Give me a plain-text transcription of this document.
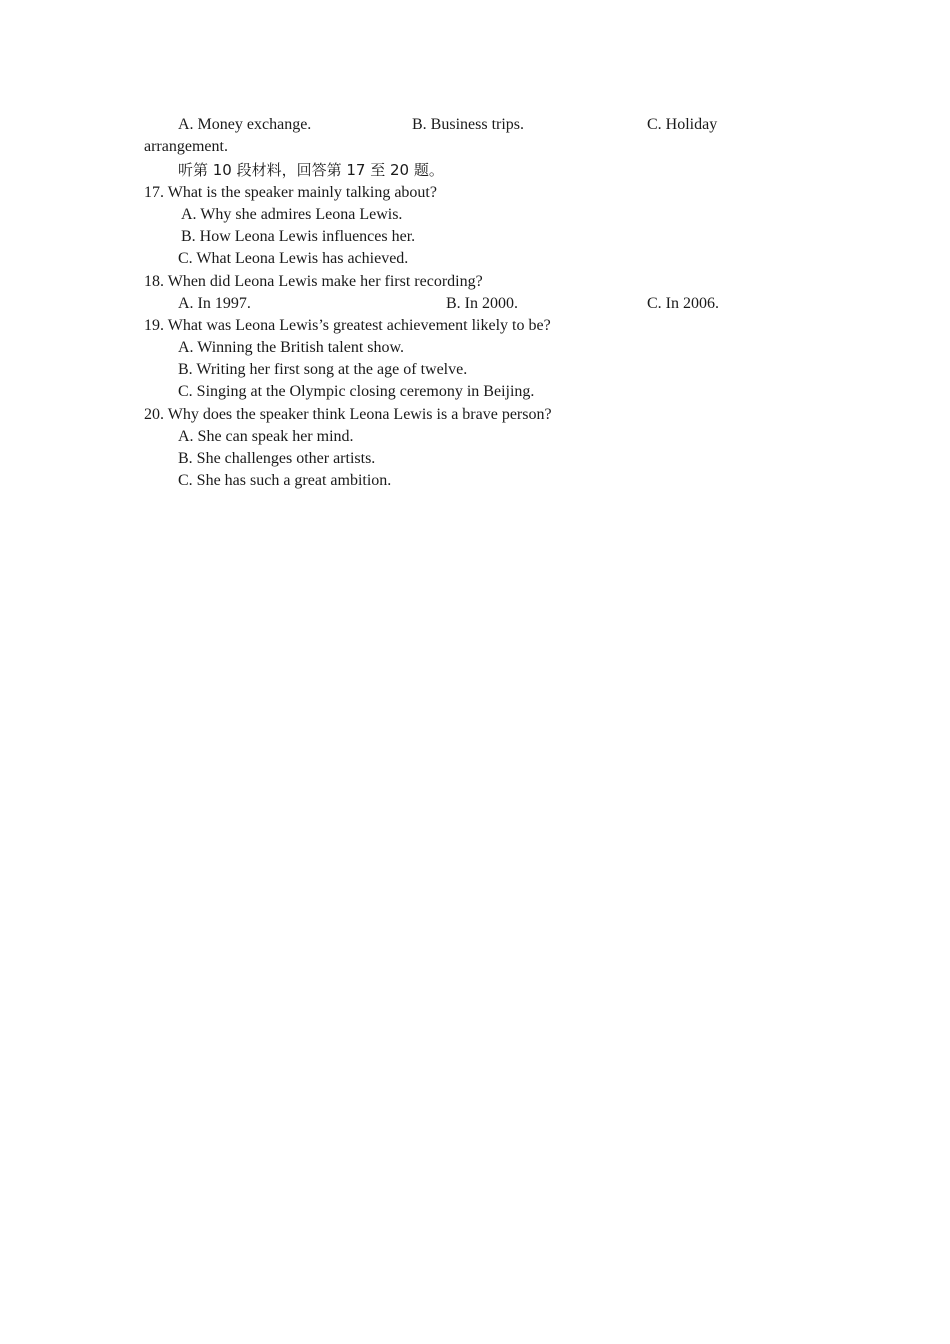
A. Money exchange.	B. Business trips.	C. Holiday
arrangement.
听第 10 段材料，回答第 17 至 20 题。
17. What is the speaker mainly talking about?
A. Why she admires Leona Lewis.
B. How Leona Lewis influences her.
C. What Leona Lewis has achieved.
18. When did Leona Lewis make her first recording?
A. In 1997.	B. In 2000.	C. In 2006.
19. What was Leona Lewis’s greatest achievement likely to be?
A. Winning the British talent show.
B. Writing her first song at the age of twelve.
C. Singing at the Olympic closing ceremony in Beijing.
20. Why does the speaker think Leona Lewis is a brave person?
A. She can speak her mind.
B. She challenges other artists.
C. She has such a great ambition.
